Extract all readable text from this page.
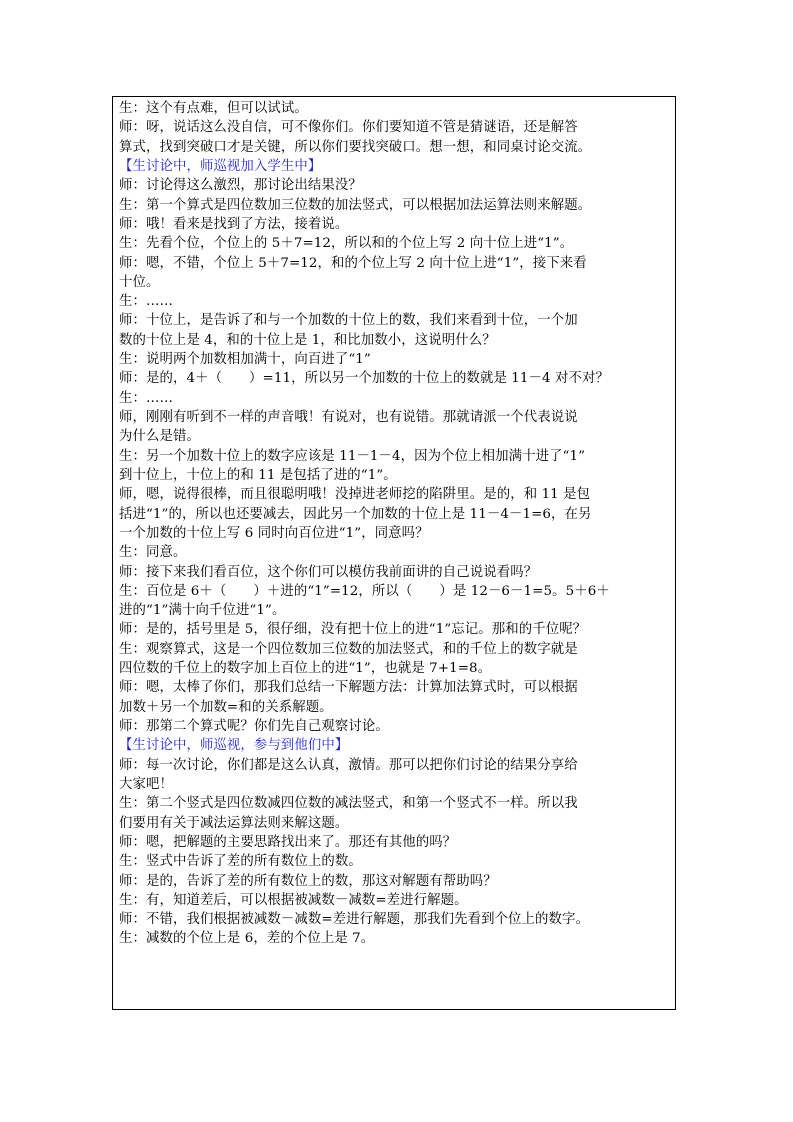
生：这个有点难，但可以试试。
师：呀，说话这么没自信，可不像你们。你们要知道不管是猜谜语，还是解答
算式，找到突破口才是关键，所以你们要找突破口。想一想，和同桌讨论交流。
【生讨论中，师巡视加入学生中】
师：讨论得这么激烈，那讨论出结果没？
生：第一个算式是四位数加三位数的加法竖式，可以根据加法运算法则来解题。
师：哦！看来是找到了方法，接着说。
生：先看个位，个位上的 5＋7=12，所以和的个位上写 2 向十位上进“1”。
师：嗯，不错，个位上 5＋7=12，和的个位上写 2 向十位上进“1”，接下来看
十位。
生：……
师：十位上，是告诉了和与一个加数的十位上的数，我们来看到十位，一个加
数的十位上是 4，和的十位上是 1，和比加数小，这说明什么？
生：说明两个加数相加满十，向百进了“1”
师：是的，4＋（　　）=11，所以另一个加数的十位上的数就是 11－4 对不对？
生：……
师，刚刚有听到不一样的声音哦！有说对，也有说错。那就请派一个代表说说
为什么是错。
生：另一个加数十位上的数字应该是 11－1－4，因为个位上相加满十进了“1”
到十位上，十位上的和 11 是包括了进的“1”。
师，嗯，说得很棒，而且很聪明哦！没掉进老师挖的陷阱里。是的，和 11 是包
括进“1”的，所以也还要减去，因此另一个加数的十位上是 11－4－1=6，在另
一个加数的十位上写 6 同时向百位进“1”，同意吗？
生：同意。
师：接下来我们看百位，这个你们可以模仿我前面讲的自己说说看吗？
生：百位是 6＋（　　）＋进的“1”=12，所以（　　）是 12－6－1=5。5＋6＋
进的“1”满十向千位进“1”。
师：是的，括号里是 5，很仔细，没有把十位上的进“1”忘记。那和的千位呢？
生：观察算式，这是一个四位数加三位数的加法竖式，和的千位上的数字就是
四位数的千位上的数字加上百位上的进“1”，也就是 7+1=8。
师：嗯，太棒了你们，那我们总结一下解题方法：计算加法算式时，可以根据
加数＋另一个加数=和的关系解题。
师：那第二个算式呢？你们先自己观察讨论。
【生讨论中，师巡视，参与到他们中】
师：每一次讨论，你们都是这么认真，激情。那可以把你们讨论的结果分享给
大家吧！
生：第二个竖式是四位数减四位数的减法竖式，和第一个竖式不一样。所以我
们要用有关于减法运算法则来解这题。
师：嗯，把解题的主要思路找出来了。那还有其他的吗？
生：竖式中告诉了差的所有数位上的数。
师：是的，告诉了差的所有数位上的数，那这对解题有帮助吗？
生：有，知道差后，可以根据被减数－减数=差进行解题。
师：不错，我们根据被减数－减数=差进行解题，那我们先看到个位上的数字。
生：减数的个位上是 6，差的个位上是 7。
